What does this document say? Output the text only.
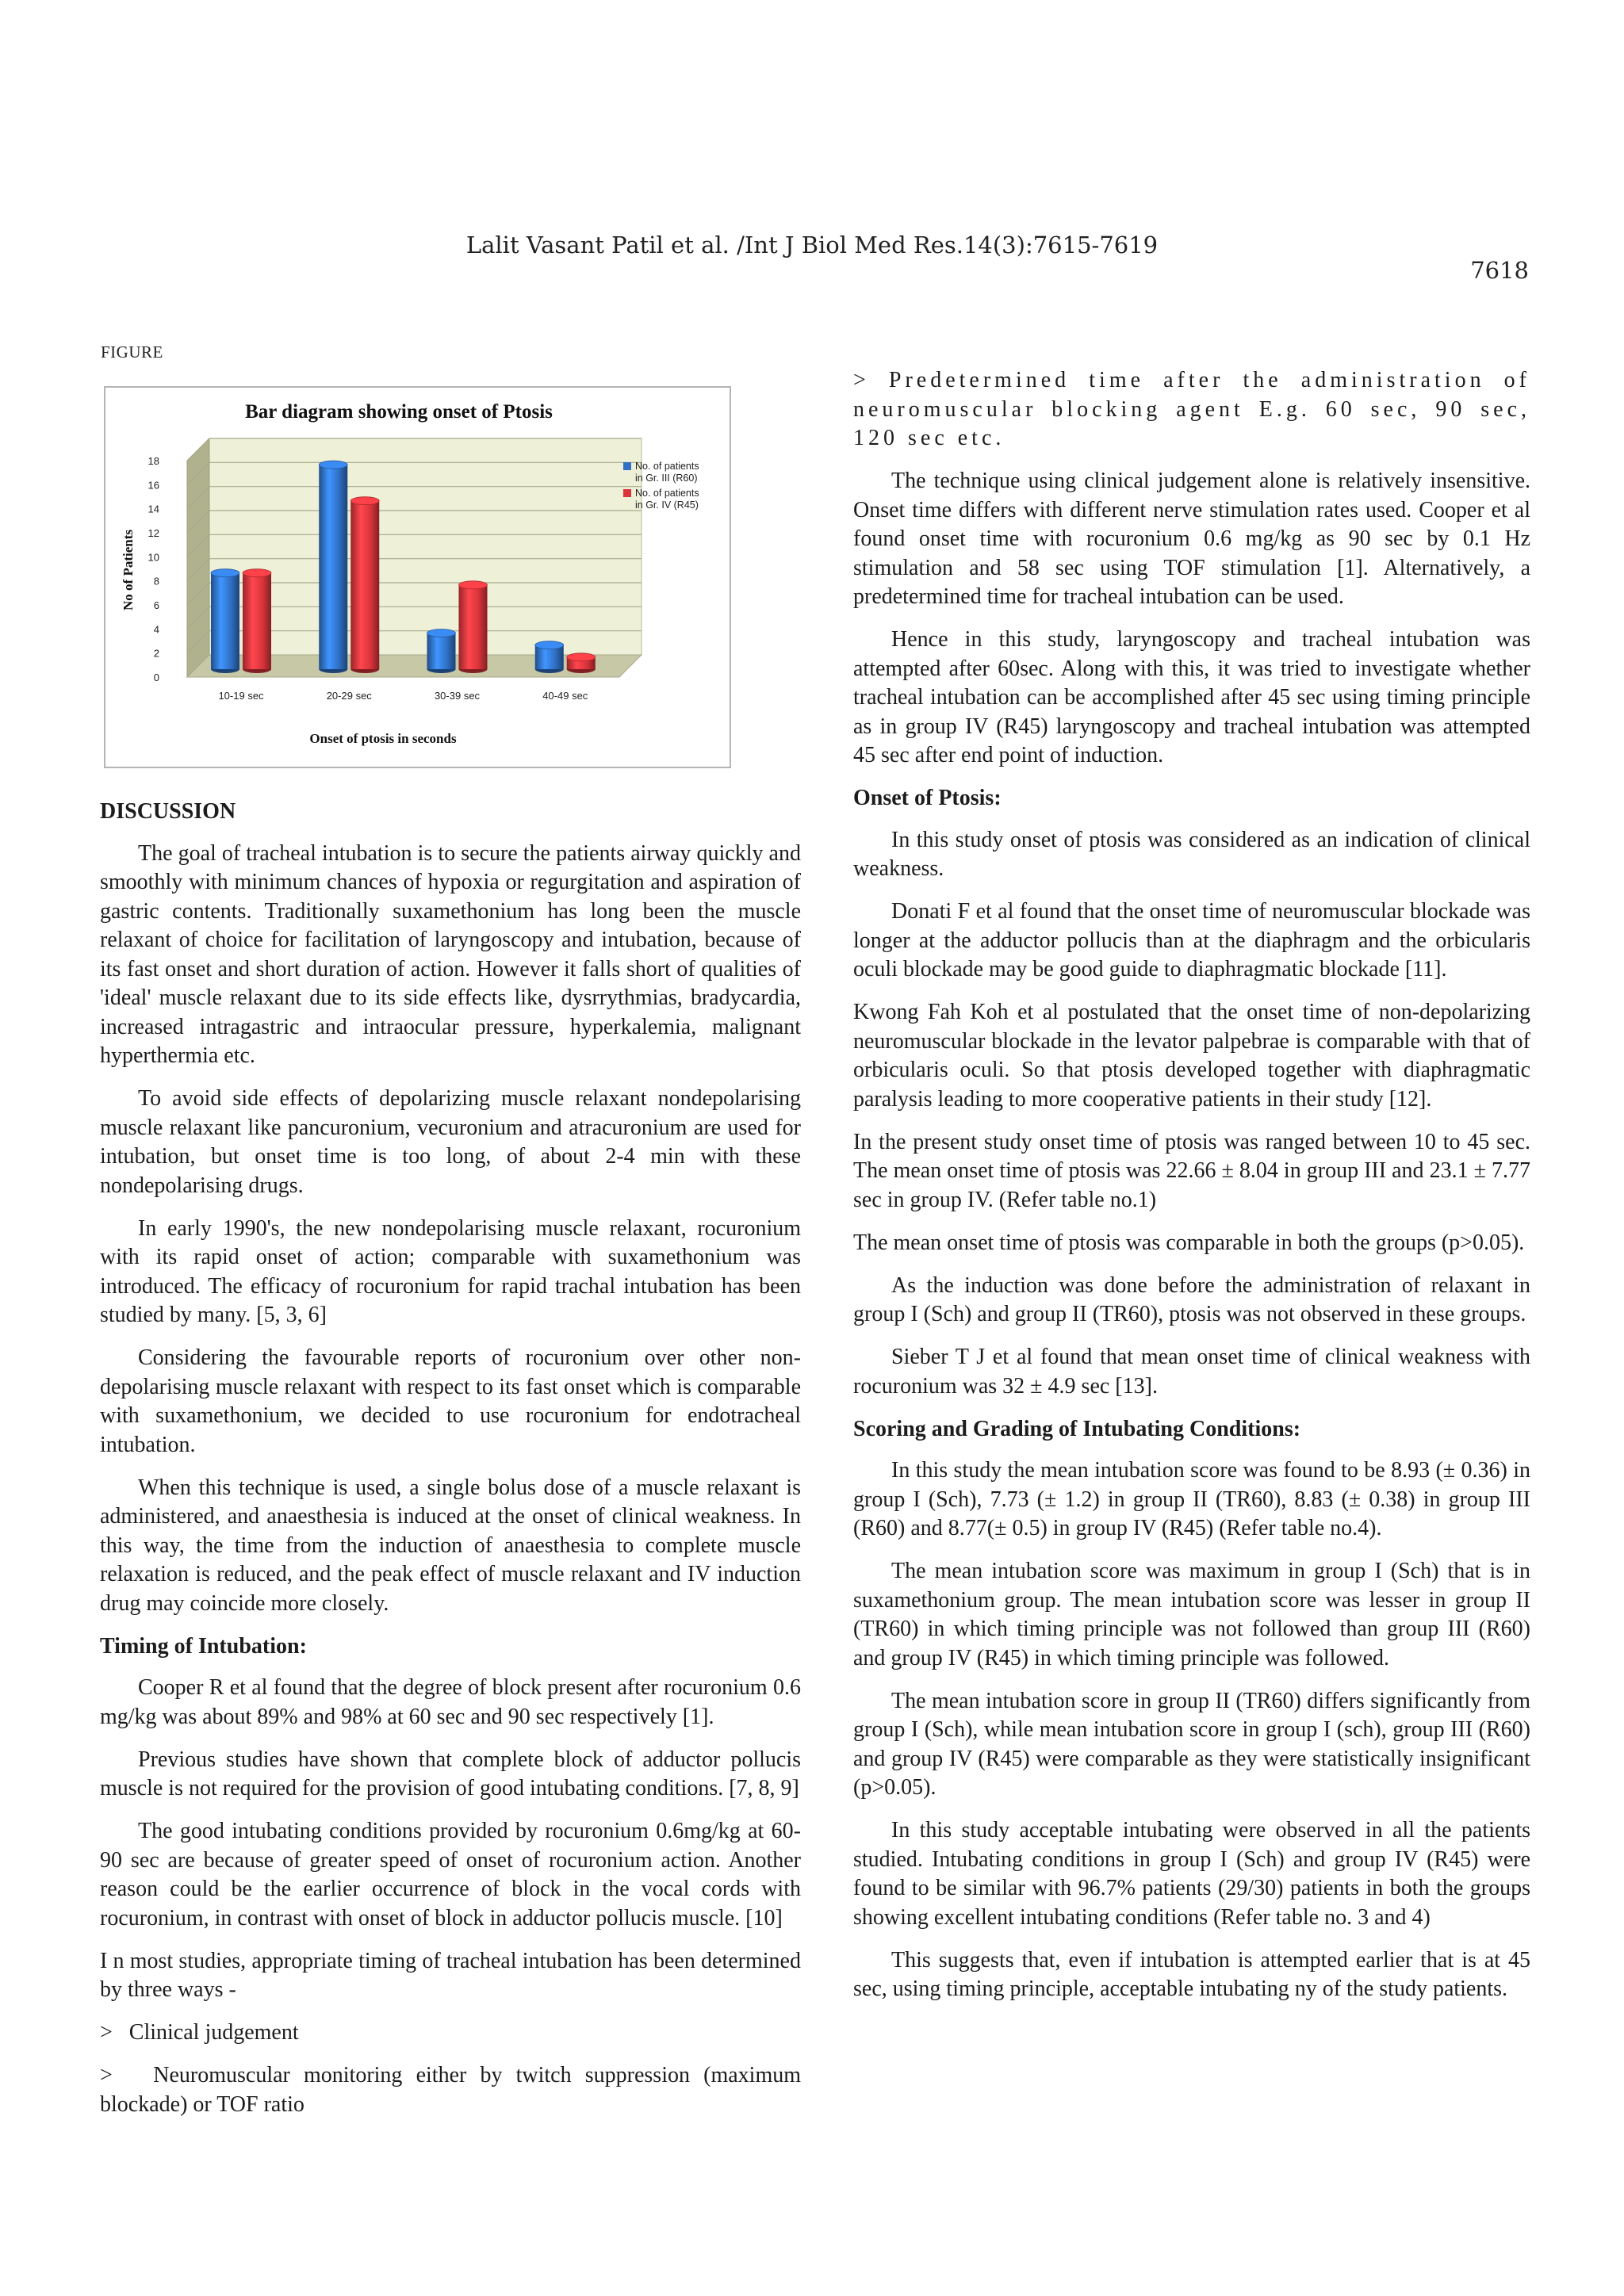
Lalit Vasant Patil et al. /Int J Biol Med Res.14(3):7615-7619
7618
FIGURE
Bar diagram showing onset of Ptosis
0
2
4
6
8
10
12
14
16
18
No of Patients
10-19 sec	20-29 sec	30-39 sec	40-49 sec
Onset of ptosis in seconds
No. of patients
in Gr. III (R60)
No. of patients
in Gr. IV (R45)
DISCUSSION

The goal of tracheal intubation is to secure the patients airway quickly and smoothly with minimum chances of hypoxia or regurgitation and aspiration of gastric contents. Traditionally suxamethonium has long been the muscle relaxant of choice for facilitation of laryngoscopy and intubation, because of its fast onset and short duration of action. However it falls short of qualities of 'ideal' muscle relaxant due to its side effects like, dysrrythmias, bradycardia, increased intragastric and intraocular pressure, hyperkalemia, malignant hyperthermia etc.

To avoid side effects of depolarizing muscle relaxant nondepolarising muscle relaxant like pancuronium, vecuronium and atracuronium are used for intubation, but onset time is too long, of about 2-4 min with these nondepolarising drugs.

In early 1990's, the new nondepolarising muscle relaxant, rocuronium with its rapid onset of action; comparable with suxamethonium was introduced. The efficacy of rocuronium for rapid trachal intubation has been studied by many. [5, 3, 6]

Considering the favourable reports of rocuronium over other non-depolarising muscle relaxant with respect to its fast onset which is comparable with suxamethonium, we decided to use rocuronium for endotracheal intubation.

When this technique is used, a single bolus dose of a muscle relaxant is administered, and anaesthesia is induced at the onset of clinical weakness. In this way, the time from the induction of anaesthesia to complete muscle relaxation is reduced, and the peak effect of muscle relaxant and IV induction drug may coincide more closely.

Timing of Intubation:

Cooper R et al found that the degree of block present after rocuronium 0.6 mg/kg was about 89% and 98% at 60 sec and 90 sec respectively [1].

Previous studies have shown that complete block of adductor pollucis muscle is not required for the provision of good intubating conditions. [7, 8, 9]

The good intubating conditions provided by rocuronium 0.6mg/kg at 60-90 sec are because of greater speed of onset of rocuronium action. Another reason could be the earlier occurrence of block in the vocal cords with rocuronium, in contrast with onset of block in adductor pollucis muscle. [10]

I n most studies, appropriate timing of tracheal intubation has been determined by three ways -

>   Clinical judgement

>   Neuromuscular monitoring either by twitch suppression (maximum blockade) or TOF ratio

> Predetermined time after the administration of neuromuscular blocking agent E.g. 60 sec, 90 sec, 120 sec etc.

The technique using clinical judgement alone is relatively insensitive. Onset time differs with different nerve stimulation rates used. Cooper et al found onset time with rocuronium 0.6 mg/kg as 90 sec by 0.1 Hz stimulation and 58 sec using TOF stimulation [1]. Alternatively, a predetermined time for tracheal intubation can be used.

Hence in this study, laryngoscopy and tracheal intubation was attempted after 60sec. Along with this, it was tried to investigate whether tracheal intubation can be accomplished after 45 sec using timing principle as in group IV (R45) laryngoscopy and tracheal intubation was attempted 45 sec after end point of induction.

Onset of Ptosis:

In this study onset of ptosis was considered as an indication of clinical weakness.

Donati F et al found that the onset time of neuromuscular blockade was longer at the adductor pollucis than at the diaphragm and the orbicularis oculi blockade may be good guide to diaphragmatic blockade [11].

Kwong Fah Koh et al postulated that the onset time of non-depolarizing neuromuscular blockade in the levator palpebrae is comparable with that of orbicularis oculi. So that ptosis developed together with diaphragmatic paralysis leading to more cooperative patients in their study [12].

In the present study onset time of ptosis was ranged between 10 to 45 sec. The mean onset time of ptosis was 22.66 ± 8.04 in group III and 23.1 ± 7.77 sec in group IV. (Refer table no.1)

The mean onset time of ptosis was comparable in both the groups (p>0.05).

As the induction was done before the administration of relaxant in group I (Sch) and group II (TR60), ptosis was not observed in these groups.

Sieber T J et al found that mean onset time of clinical weakness with rocuronium was 32 ± 4.9 sec [13].

Scoring and Grading of Intubating Conditions:

In this study the mean intubation score was found to be 8.93 (± 0.36) in group I (Sch), 7.73 (± 1.2) in group II (TR60), 8.83 (± 0.38) in group III (R60) and 8.77(± 0.5) in group IV (R45) (Refer table no.4).

The mean intubation score was maximum in group I (Sch) that is in suxamethonium group. The mean intubation score was lesser in group II (TR60) in which timing principle was not followed than group III (R60) and group IV (R45) in which timing principle was followed.

The mean intubation score in group II (TR60) differs significantly from group I (Sch), while mean intubation score in group I (sch), group III (R60) and group IV (R45) were comparable as they were statistically insignificant (p>0.05).

In this study acceptable intubating were observed in all the patients studied. Intubating conditions in group I (Sch) and group IV (R45) were found to be similar with 96.7% patients (29/30) patients in both the groups showing excellent intubating conditions (Refer table no. 3 and 4)

This suggests that, even if intubation is attempted earlier that is at 45 sec, using timing principle, acceptable intubating ny of the study patients.
